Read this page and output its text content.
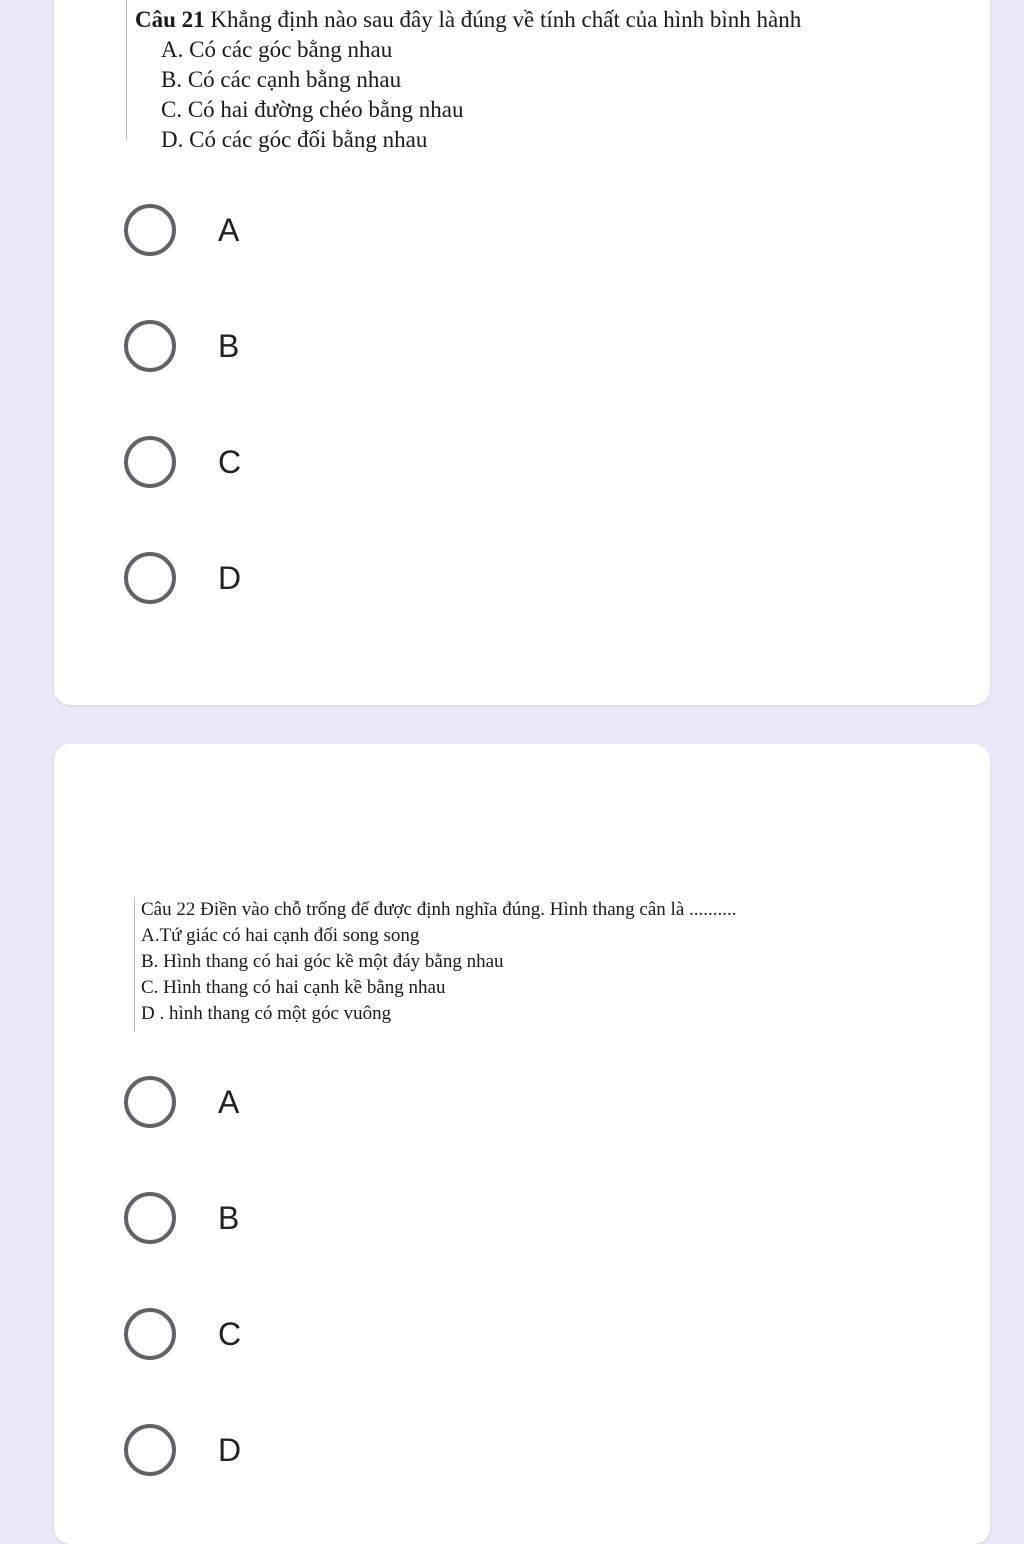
Câu 21 Khẳng định nào sau đây là đúng về tính chất của hình bình hành
A. Có các góc bằng nhau
B. Có các cạnh bằng nhau
C. Có hai đường chéo bằng nhau
D. Có các góc đối bằng nhau
A
B
C
D
Câu 22 Điền vào chỗ trống để được định nghĩa đúng. Hình thang cân là ..........
A.Tứ giác có hai cạnh đối song song
B. Hình thang có hai góc kề một đáy bằng nhau
C. Hình thang có hai cạnh kề bằng nhau
D . hình thang có một góc vuông
A
B
C
D
